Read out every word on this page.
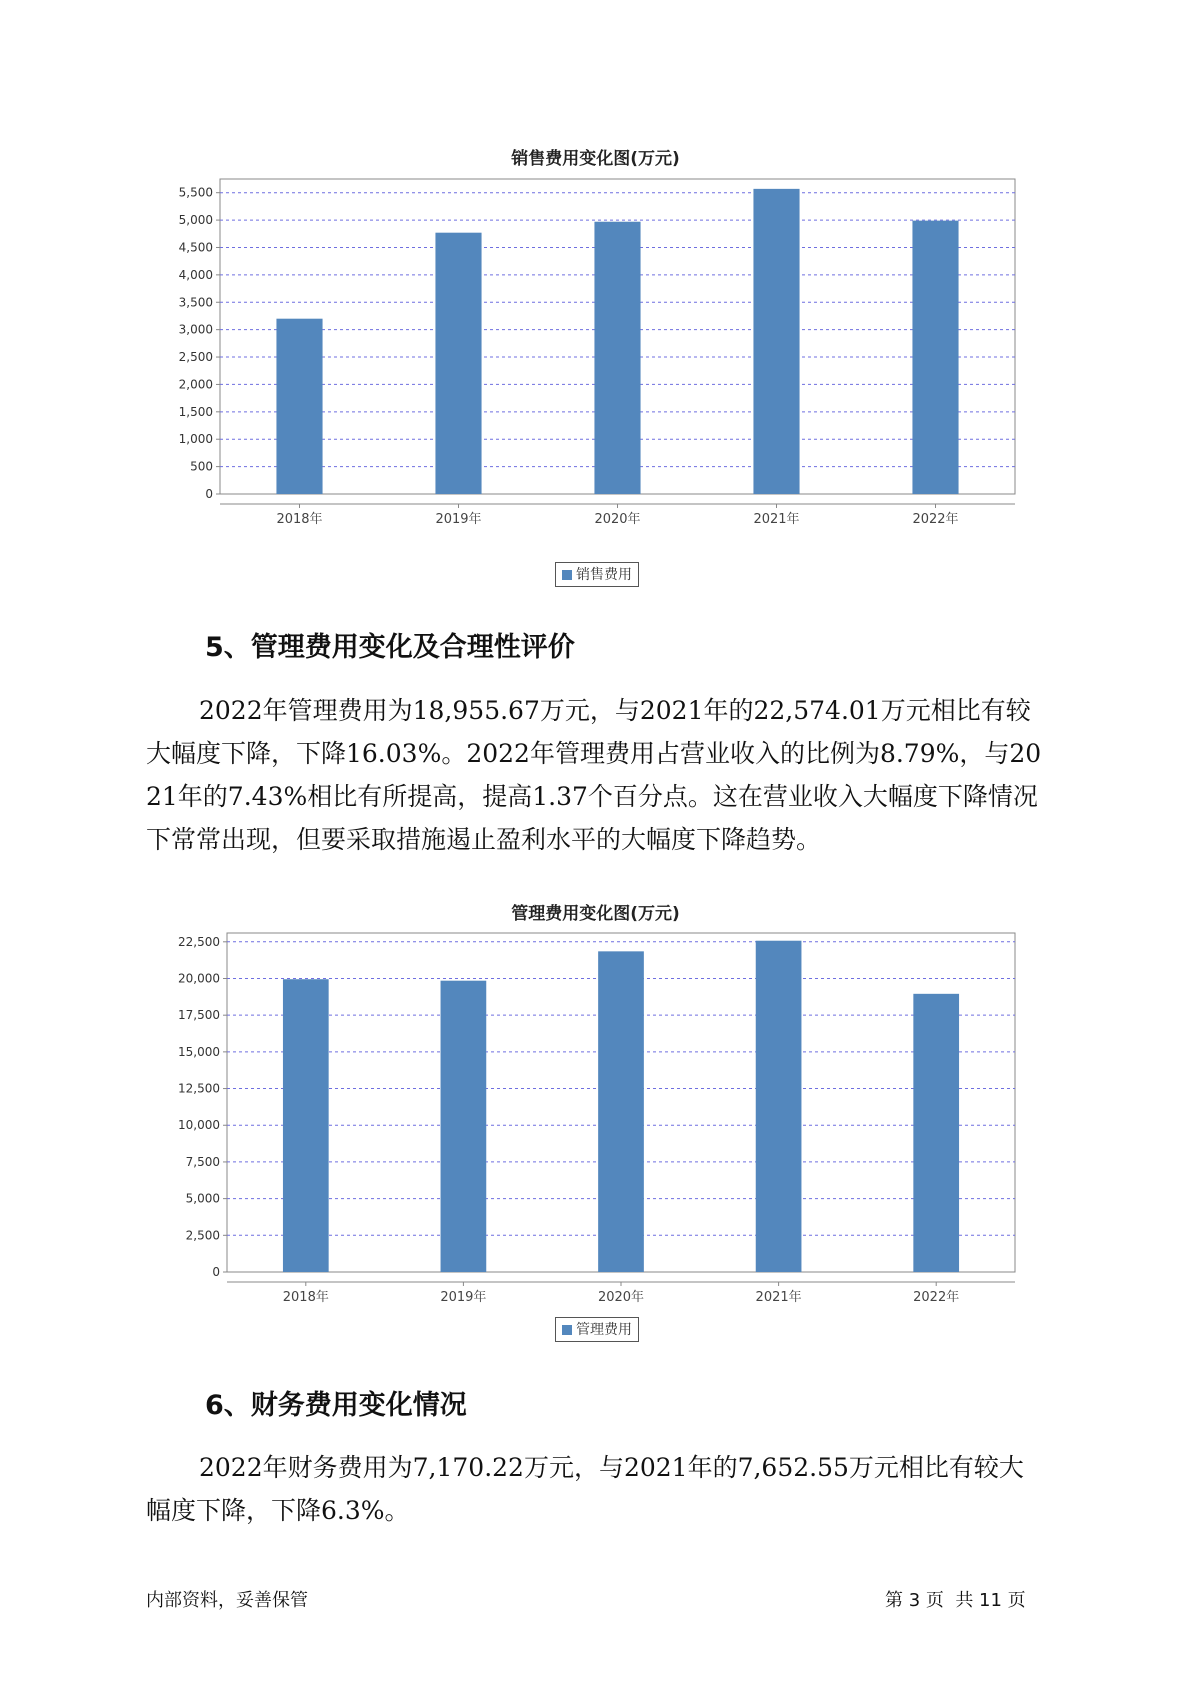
销售费用变化图(万元)
0
500
1,000
1,500
2,000
2,500
3,000
3,500
4,000
4,500
5,000
5,500
2018年	2019年	2020年	2021年	2022年
销售费用
5、管理费用变化及合理性评价

2022年管理费用为18,955.67万元，与2021年的22,574.01万元相比有较大幅度下降，下降16.03%。2022年管理费用占营业收入的比例为8.79%，与2021年的7.43%相比有所提高，提高1.37个百分点。这在营业收入大幅度下降情况下常常出现，但要采取措施遏止盈利水平的大幅度下降趋势。

管理费用变化图(万元)
0
2,500
5,000
7,500
10,000
12,500
15,000
17,500
20,000
22,500
2018年	2019年	2020年	2021年	2022年
管理费用
6、财务费用变化情况

2022年财务费用为7,170.22万元，与2021年的7,652.55万元相比有较大幅度下降，下降6.3%。

内部资料，妥善保管	第 3 页  共 11 页
